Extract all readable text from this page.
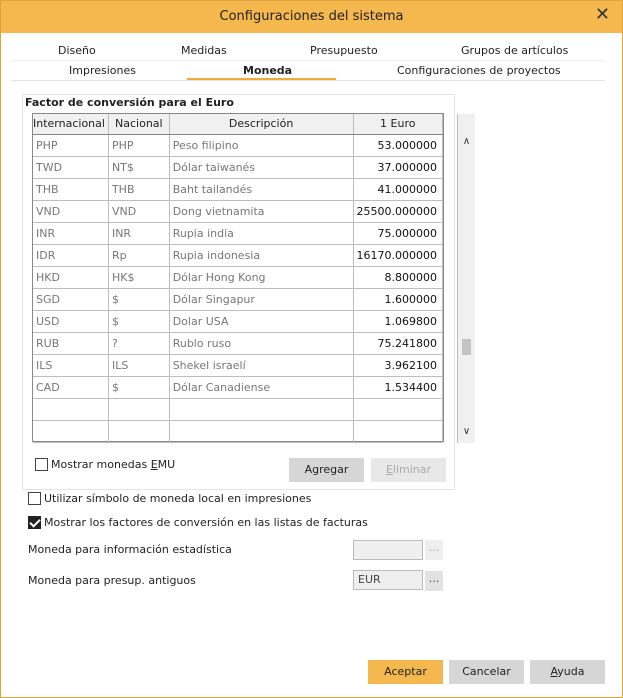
Configuraciones del sistema	✕
Diseño	Medidas	Presupuesto	Grupos de artículos
Impresiones	Moneda	Configuraciones de proyectos
Factor de conversión para el Euro
Internacional	Nacional	Descripción	1 Euro
PHP	PHP	Peso filipino	53.000000
TWD	NT$	Dólar taiwanés	37.000000
THB	THB	Baht tailandés	41.000000
VND	VND	Dong vietnamita	25500.000000
INR	INR	Rupia india	75.000000
IDR	Rp	Rupia indonesia	16170.000000
HKD	HK$	Dólar Hong Kong	8.800000
SGD	$	Dólar Singapur	1.600000
USD	$	Dolar USA	1.069800
RUB	?	Rublo ruso	75.241800
ILS	ILS	Shekel israelí	3.962100
CAD	$	Dólar Canadiense	1.534400

∧
∨
Mostrar monedas EMU	Agregar	Eliminar
Utilizar símbolo de moneda local en impresiones
Mostrar los factores de conversión en las listas de facturas
Moneda para información estadística	...
Moneda para presup. antiguos	EUR	...
Aceptar	Cancelar	Ayuda
